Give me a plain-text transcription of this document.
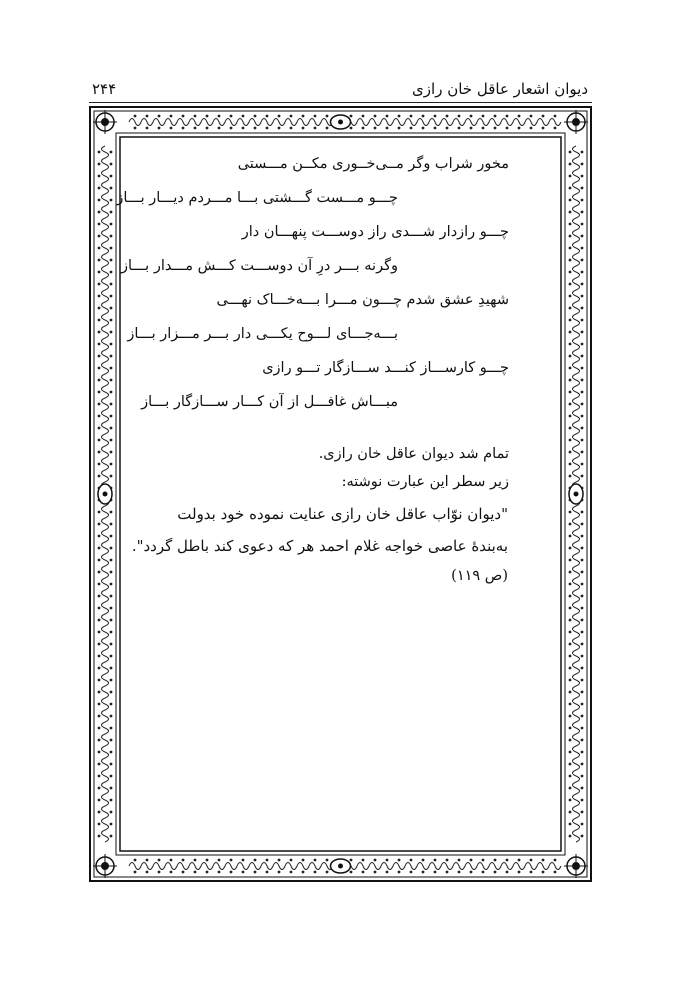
دیوان اشعار عاقل خان رازی
۲۴۴
مخور شراب وگر مــی‌خــوری مکــن مـــستی
چـــو مـــست گـــشتی بـــا مـــردم دیـــار بـــاز
چـــو رازدار شـــدی راز دوســـت پنهـــان دار
وگرنه بـــر درِ آن دوســـت کـــش مـــدار بـــاز
شهیدِ عشق شدم چـــون مـــرا بـــه‌خـــاک نهـــی
بـــه‌جـــای لـــوح یکـــی دار بـــر مـــزار بـــاز
چـــو کارســـاز کنـــد ســـازگار تـــو رازی
مبـــاش غافـــل از آن کـــار ســـازگار بـــاز
تمام شد دیوان عاقل خان رازی.
زیر سطر این عبارت نوشته:
"دیوان نوّاب عاقل خان رازی عنایت نموده خود بدولت
به‌بندهٔ عاصی خواجه غلام احمد هر که دعوی کند باطل گردد".
(ص ۱۱۹)
